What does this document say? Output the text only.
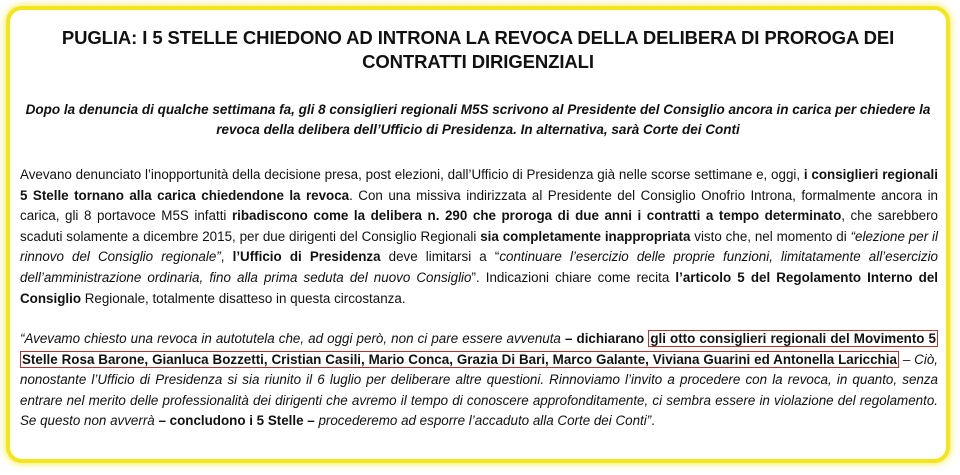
PUGLIA: I 5 STELLE CHIEDONO AD INTRONA LA REVOCA DELLA DELIBERA DI PROROGA DEI CONTRATTI DIRIGENZIALI
Dopo la denuncia di qualche settimana fa, gli 8 consiglieri regionali M5S scrivono al Presidente del Consiglio ancora in carica per chiedere la revoca della delibera dell’Ufficio di Presidenza. In alternativa, sarà Corte dei Conti

Avevano denunciato l’inopportunità della decisione presa, post elezioni, dall’Ufficio di Presidenza già nelle scorse settimane e, oggi, i consiglieri regionali 5 Stelle tornano alla carica chiedendone la revoca. Con una missiva indirizzata al Presidente del Consiglio Onofrio Introna, formalmente ancora in carica, gli 8 portavoce M5S infatti ribadiscono come la delibera n. 290 che proroga di due anni i contratti a tempo determinato, che sarebbero scaduti solamente a dicembre 2015, per due dirigenti del Consiglio Regionali sia completamente inappropriata visto che, nel momento di “elezione per il rinnovo del Consiglio regionale”, l’Ufficio di Presidenza deve limitarsi a “continuare l’esercizio delle proprie funzioni, limitatamente all’esercizio dell’amministrazione ordinaria, fino alla prima seduta del nuovo Consiglio”. Indicazioni chiare come recita l’articolo 5 del Regolamento Interno del Consiglio Regionale, totalmente disatteso in questa circostanza.

“Avevamo chiesto una revoca in autotutela che, ad oggi però, non ci pare essere avvenuta – dichiarano gli otto consiglieri regionali del Movimento 5 Stelle Rosa Barone, Gianluca Bozzetti, Cristian Casili, Mario Conca, Grazia Di Bari, Marco Galante, Viviana Guarini ed Antonella Laricchia – Ciò, nonostante l’Ufficio di Presidenza si sia riunito il 6 luglio per deliberare altre questioni. Rinnoviamo l’invito a procedere con la revoca, in quanto, senza entrare nel merito delle professionalità dei dirigenti che avremo il tempo di conoscere approfonditamente, ci sembra essere in violazione del regolamento. Se questo non avverrà – concludono i 5 Stelle – procederemo ad esporre l’accaduto alla Corte dei Conti”.
